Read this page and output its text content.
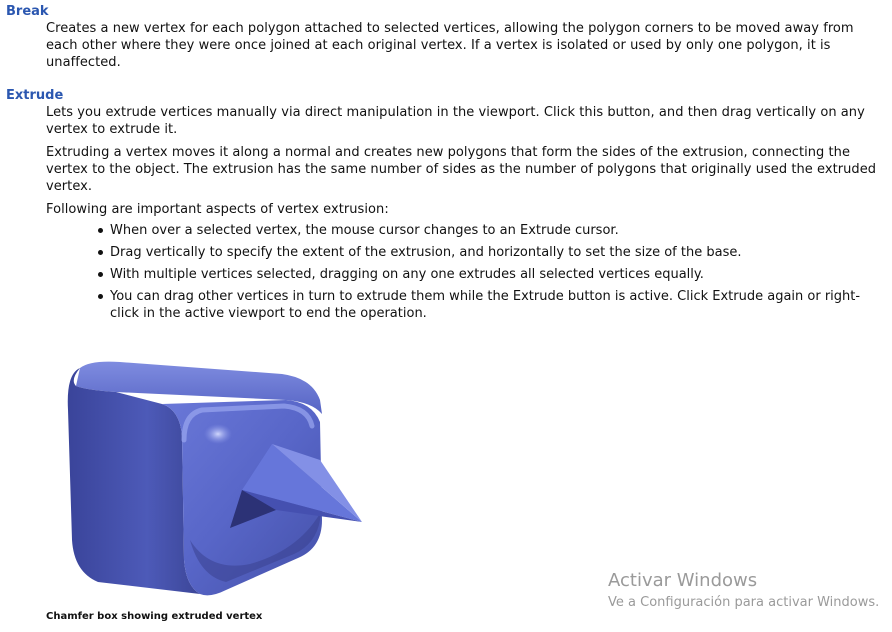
Break

Creates a new vertex for each polygon attached to selected vertices, allowing the polygon corners to be moved away from each other where they were once joined at each original vertex. If a vertex is isolated or used by only one polygon, it is unaffected.

Extrude

Lets you extrude vertices manually via direct manipulation in the viewport. Click this button, and then drag vertically on any vertex to extrude it.

Extruding a vertex moves it along a normal and creates new polygons that form the sides of the extrusion, connecting the vertex to the object. The extrusion has the same number of sides as the number of polygons that originally used the extruded vertex.

Following are important aspects of vertex extrusion:

When over a selected vertex, the mouse cursor changes to an Extrude cursor.
Drag vertically to specify the extent of the extrusion, and horizontally to set the size of the base.
With multiple vertices selected, dragging on any one extrudes all selected vertices equally.
You can drag other vertices in turn to extrude them while the Extrude button is active. Click Extrude again or right-click in the active viewport to end the operation.
Chamfer box showing extruded vertex
Activar Windows
Ve a Configuración para activar Windows.
